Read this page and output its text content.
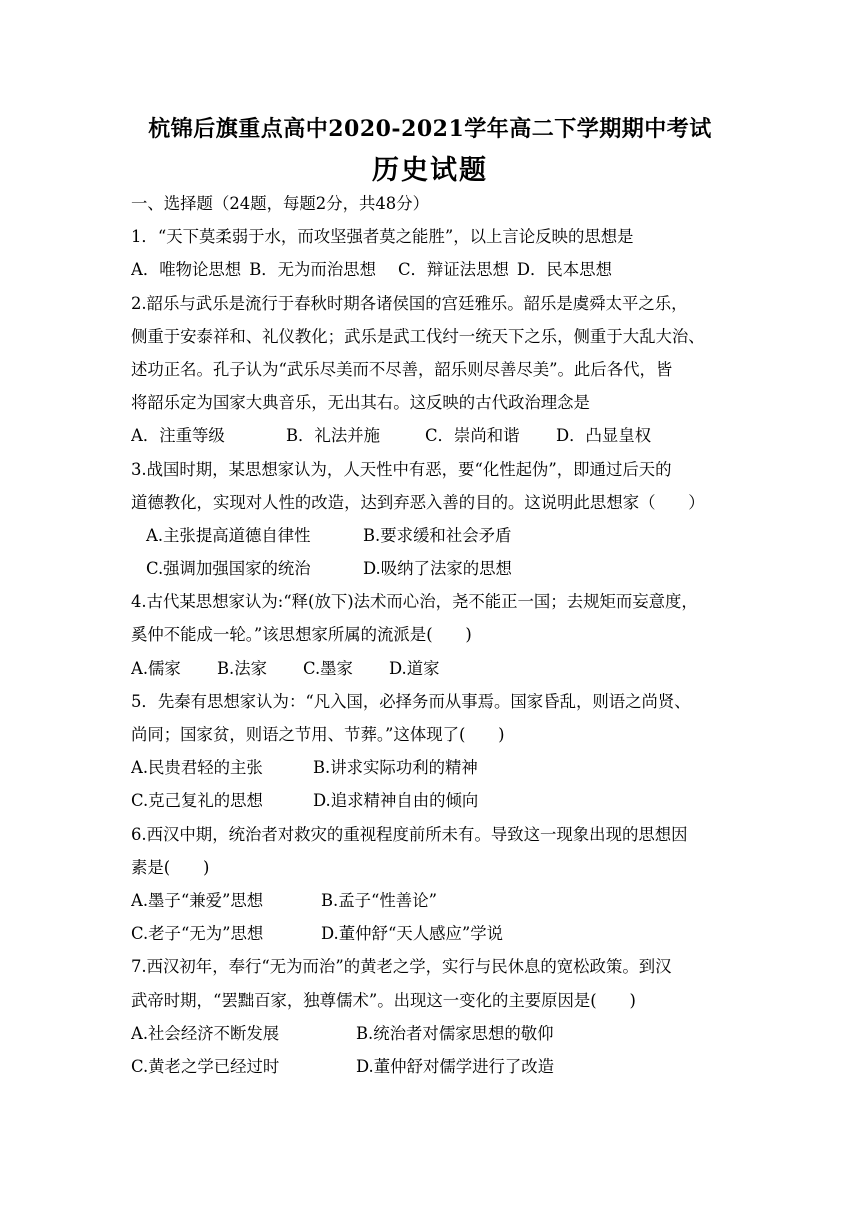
杭锦后旗重点高中2020-2021学年高二下学期期中考试
历史试题
一、选择题（24题，每题2分，共48分）
1．“天下莫柔弱于水，而攻坚强者莫之能胜”，以上言论反映的思想是
A．唯物论思想 B．无为而治思想 C．辩证法思想 D．民本思想
2.韶乐与武乐是流行于春秋时期各诸侯国的宫廷雅乐。韶乐是虞舜太平之乐，
侧重于安泰祥和、礼仪教化；武乐是武工伐纣一统天下之乐，侧重于大乱大治、
述功正名。孔子认为“武乐尽美而不尽善，韶乐则尽善尽美”。此后各代，皆
将韶乐定为国家大典音乐，无出其右。这反映的古代政治理念是
A．注重等级	B．礼法并施	C．崇尚和谐 D．凸显皇权
3.战国时期，某思想家认为，人天性中有恶，要“化性起伪”，即通过后天的
道德教化，实现对人性的改造，达到弃恶入善的目的。这说明此思想家（　　）
A.主张提高道德自律性	B.要求缓和社会矛盾
C.强调加强国家的统治	D.吸纳了法家的思想
4.古代某思想家认为:“释(放下)法术而心治，尧不能正一国；去规矩而妄意度，
奚仲不能成一轮。”该思想家所属的流派是(　　)
A.儒家 B.法家 C.墨家 D.道家
5．先秦有思想家认为：“凡入国，必择务而从事焉。国家昏乱，则语之尚贤、
尚同；国家贫，则语之节用、节葬。”这体现了(　　)
A.民贵君轻的主张	B.讲求实际功利的精神
C.克己复礼的思想	D.追求精神自由的倾向
6.西汉中期，统治者对救灾的重视程度前所未有。导致这一现象出现的思想因
素是(　　)
A.墨子“兼爱”思想	B.孟子“性善论”
C.老子“无为”思想	D.董仲舒“天人感应”学说
7.西汉初年，奉行“无为而治”的黄老之学，实行与民休息的宽松政策。到汉
武帝时期，“罢黜百家，独尊儒术”。出现这一变化的主要原因是(　　)
A.社会经济不断发展	B.统治者对儒家思想的敬仰
C.黄老之学已经过时	D.董仲舒对儒学进行了改造
